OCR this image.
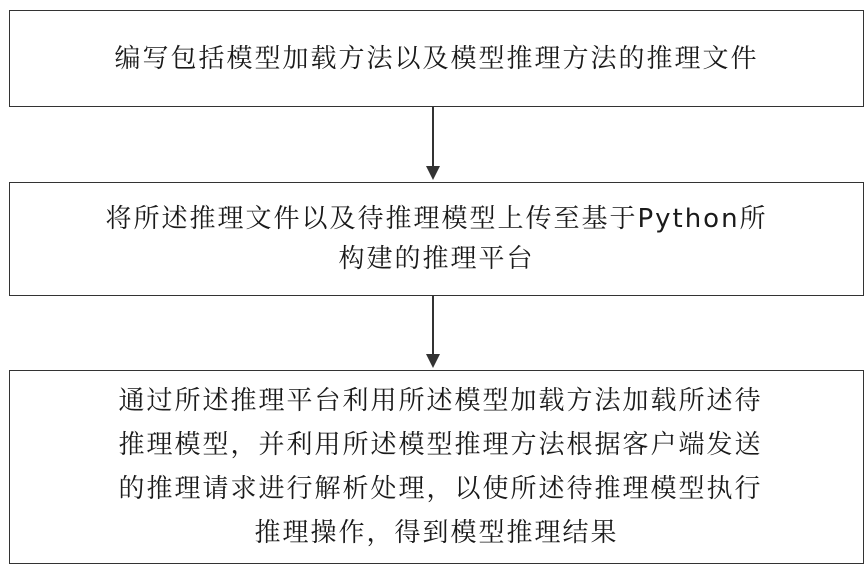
编写包括模型加载方法以及模型推理方法的推理文件
将所述推理文件以及待推理模型上传至基于Python所
构建的推理平台
通过所述推理平台利用所述模型加载方法加载所述待
推理模型，并利用所述模型推理方法根据客户端发送
的推理请求进行解析处理，以使所述待推理模型执行
推理操作，得到模型推理结果
